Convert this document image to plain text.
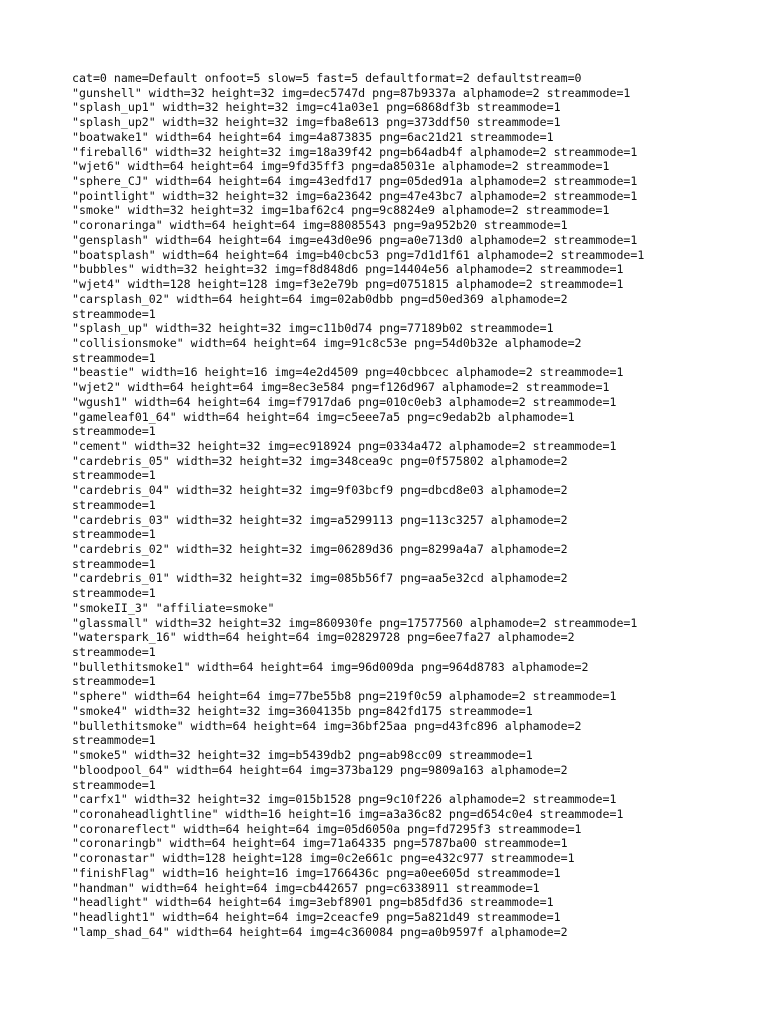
cat=0 name=Default onfoot=5 slow=5 fast=5 defaultformat=2 defaultstream=0
"gunshell" width=32 height=32 img=dec5747d png=87b9337a alphamode=2 streammode=1
"splash_up1" width=32 height=32 img=c41a03e1 png=6868df3b streammode=1
"splash_up2" width=32 height=32 img=fba8e613 png=373ddf50 streammode=1
"boatwake1" width=64 height=64 img=4a873835 png=6ac21d21 streammode=1
"fireball6" width=32 height=32 img=18a39f42 png=b64adb4f alphamode=2 streammode=1
"wjet6" width=64 height=64 img=9fd35ff3 png=da85031e alphamode=2 streammode=1
"sphere_CJ" width=64 height=64 img=43edfd17 png=05ded91a alphamode=2 streammode=1
"pointlight" width=32 height=32 img=6a23642 png=47e43bc7 alphamode=2 streammode=1
"smoke" width=32 height=32 img=1baf62c4 png=9c8824e9 alphamode=2 streammode=1
"coronaringa" width=64 height=64 img=88085543 png=9a952b20 streammode=1
"gensplash" width=64 height=64 img=e43d0e96 png=a0e713d0 alphamode=2 streammode=1
"boatsplash" width=64 height=64 img=b40cbc53 png=7d1d1f61 alphamode=2 streammode=1
"bubbles" width=32 height=32 img=f8d848d6 png=14404e56 alphamode=2 streammode=1
"wjet4" width=128 height=128 img=f3e2e79b png=d0751815 alphamode=2 streammode=1
"carsplash_02" width=64 height=64 img=02ab0dbb png=d50ed369 alphamode=2
streammode=1
"splash_up" width=32 height=32 img=c11b0d74 png=77189b02 streammode=1
"collisionsmoke" width=64 height=64 img=91c8c53e png=54d0b32e alphamode=2
streammode=1
"beastie" width=16 height=16 img=4e2d4509 png=40cbbcec alphamode=2 streammode=1
"wjet2" width=64 height=64 img=8ec3e584 png=f126d967 alphamode=2 streammode=1
"wgush1" width=64 height=64 img=f7917da6 png=010c0eb3 alphamode=2 streammode=1
"gameleaf01_64" width=64 height=64 img=c5eee7a5 png=c9edab2b alphamode=1
streammode=1
"cement" width=32 height=32 img=ec918924 png=0334a472 alphamode=2 streammode=1
"cardebris_05" width=32 height=32 img=348cea9c png=0f575802 alphamode=2
streammode=1
"cardebris_04" width=32 height=32 img=9f03bcf9 png=dbcd8e03 alphamode=2
streammode=1
"cardebris_03" width=32 height=32 img=a5299113 png=113c3257 alphamode=2
streammode=1
"cardebris_02" width=32 height=32 img=06289d36 png=8299a4a7 alphamode=2
streammode=1
"cardebris_01" width=32 height=32 img=085b56f7 png=aa5e32cd alphamode=2
streammode=1
"smokeII_3" "affiliate=smoke"
"glassmall" width=32 height=32 img=860930fe png=17577560 alphamode=2 streammode=1
"waterspark_16" width=64 height=64 img=02829728 png=6ee7fa27 alphamode=2
streammode=1
"bullethitsmoke1" width=64 height=64 img=96d009da png=964d8783 alphamode=2
streammode=1
"sphere" width=64 height=64 img=77be55b8 png=219f0c59 alphamode=2 streammode=1
"smoke4" width=32 height=32 img=3604135b png=842fd175 streammode=1
"bullethitsmoke" width=64 height=64 img=36bf25aa png=d43fc896 alphamode=2
streammode=1
"smoke5" width=32 height=32 img=b5439db2 png=ab98cc09 streammode=1
"bloodpool_64" width=64 height=64 img=373ba129 png=9809a163 alphamode=2
streammode=1
"carfx1" width=32 height=32 img=015b1528 png=9c10f226 alphamode=2 streammode=1
"coronaheadlightline" width=16 height=16 img=a3a36c82 png=d654c0e4 streammode=1
"coronareflect" width=64 height=64 img=05d6050a png=fd7295f3 streammode=1
"coronaringb" width=64 height=64 img=71a64335 png=5787ba00 streammode=1
"coronastar" width=128 height=128 img=0c2e661c png=e432c977 streammode=1
"finishFlag" width=16 height=16 img=1766436c png=a0ee605d streammode=1
"handman" width=64 height=64 img=cb442657 png=c6338911 streammode=1
"headlight" width=64 height=64 img=3ebf8901 png=b85dfd36 streammode=1
"headlight1" width=64 height=64 img=2ceacfe9 png=5a821d49 streammode=1
"lamp_shad_64" width=64 height=64 img=4c360084 png=a0b9597f alphamode=2
